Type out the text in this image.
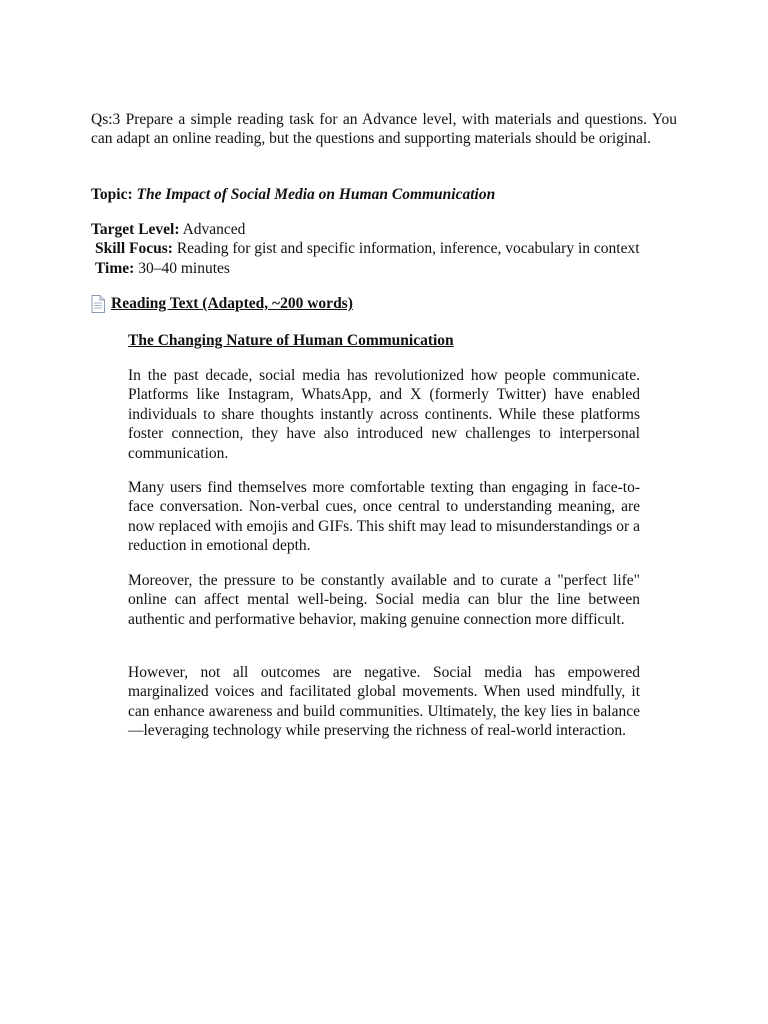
Qs:3 Prepare a simple reading task for an Advance level, with materials and questions. You can adapt an online reading, but the questions and supporting materials should be original.
Topic: The Impact of Social Media on Human Communication
Target Level: Advanced
Skill Focus: Reading for gist and specific information, inference, vocabulary in context
Time: 30–40 minutes
Reading Text (Adapted, ~200 words)
The Changing Nature of Human Communication
In the past decade, social media has revolutionized how people communicate. Platforms like Instagram, WhatsApp, and X (formerly Twitter) have enabled individuals to share thoughts instantly across continents. While these platforms foster connection, they have also introduced new challenges to interpersonal communication.
Many users find themselves more comfortable texting than engaging in face-to-face conversation. Non-verbal cues, once central to understanding meaning, are now replaced with emojis and GIFs. This shift may lead to misunderstandings or a reduction in emotional depth.
Moreover, the pressure to be constantly available and to curate a "perfect life" online can affect mental well-being. Social media can blur the line between authentic and performative behavior, making genuine connection more difficult.
However, not all outcomes are negative. Social media has empowered marginalized voices and facilitated global movements. When used mindfully, it can enhance awareness and build communities. Ultimately, the key lies in balance—leveraging technology while preserving the richness of real-world interaction.
